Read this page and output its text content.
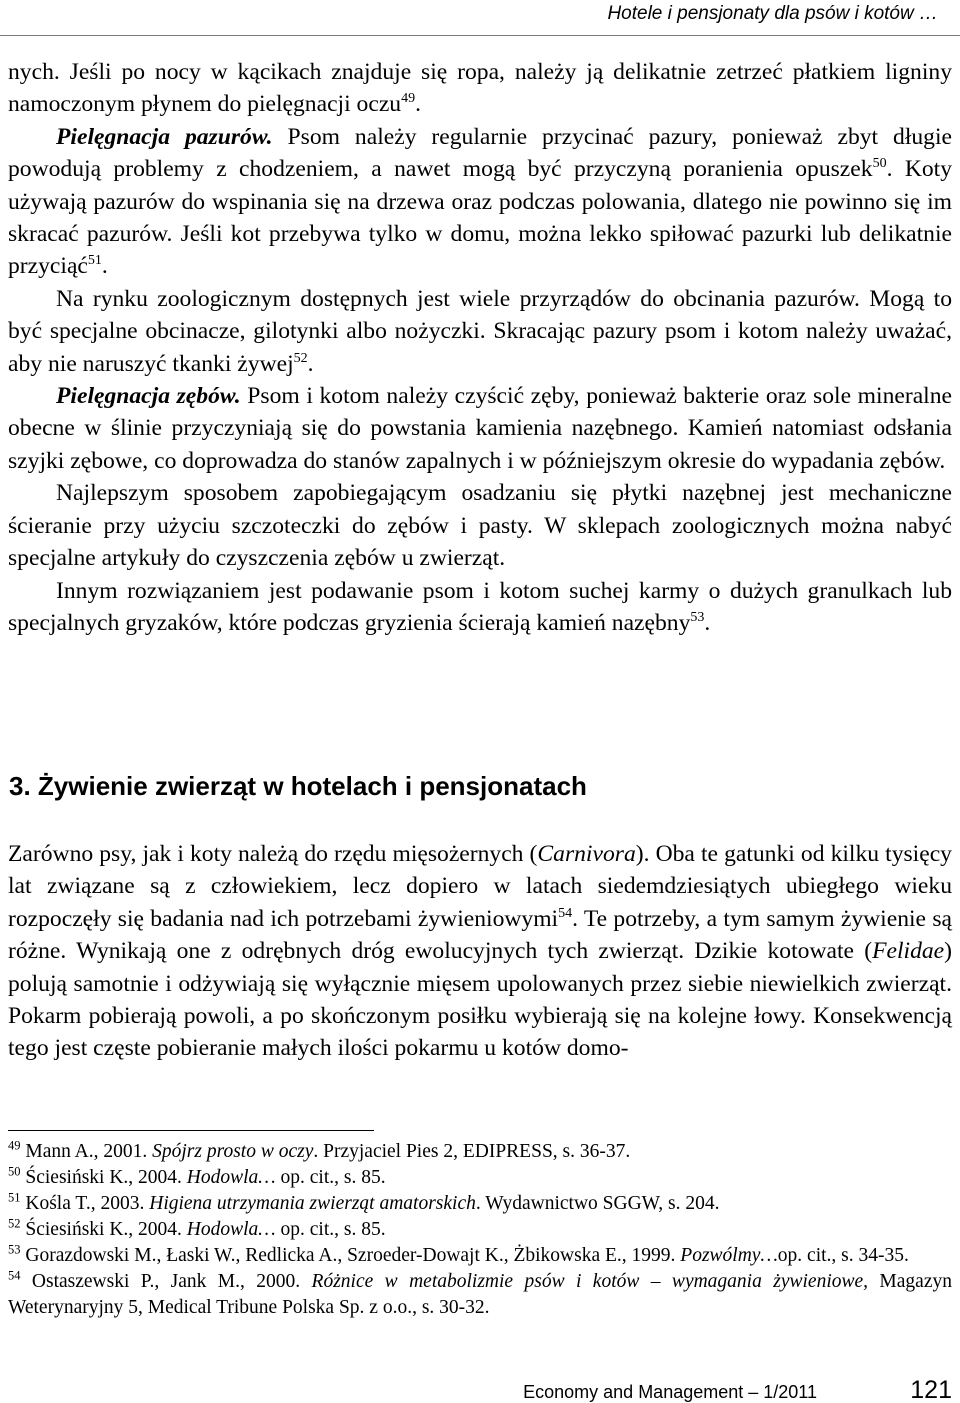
Hotele i pensjonaty dla psów i kotów …

nych. Jeśli po nocy w kącikach znajduje się ropa, należy ją delikatnie zetrzeć płatkiem ligniny namoczonym płynem do pielęgnacji oczu$^{49}$.

Pielęgnacja pazurów. Psom należy regularnie przycinać pazury, ponieważ zbyt długie powodują problemy z chodzeniem, a nawet mogą być przyczyną poranienia opuszek$^{50}$. Koty używają pazurów do wspinania się na drzewa oraz podczas polowania, dlatego nie powinno się im skracać pazurów. Jeśli kot przebywa tylko w domu, można lekko spiłować pazurki lub delikatnie przyciąć$^{51}$.

Na rynku zoologicznym dostępnych jest wiele przyrządów do obcinania pazurów. Mogą to być specjalne obcinacze, gilotynki albo nożyczki. Skracając pazury psom i kotom należy uważać, aby nie naruszyć tkanki żywej$^{52}$.

Pielęgnacja zębów. Psom i kotom należy czyścić zęby, ponieważ bakterie oraz sole mineralne obecne w ślinie przyczyniają się do powstania kamienia nazębnego. Kamień natomiast odsłania szyjki zębowe, co doprowadza do stanów zapalnych i w późniejszym okresie do wypadania zębów.

Najlepszym sposobem zapobiegającym osadzaniu się płytki nazębnej jest mechaniczne ścieranie przy użyciu szczoteczki do zębów i pasty. W sklepach zoologicznych można nabyć specjalne artykuły do czyszczenia zębów u zwierząt.

Innym rozwiązaniem jest podawanie psom i kotom suchej karmy o dużych granulkach lub specjalnych gryzaków, które podczas gryzienia ścierają kamień nazębny$^{53}$.

3. Żywienie zwierząt w hotelach i pensjonatach

Zarówno psy, jak i koty należą do rzędu mięsożernych (Carnivora). Oba te gatunki od kilku tysięcy lat związane są z człowiekiem, lecz dopiero w latach siedemdziesiątych ubiegłego wieku rozpoczęły się badania nad ich potrzebami żywieniowymi$^{54}$. Te potrzeby, a tym samym żywienie są różne. Wynikają one z odrębnych dróg ewolucyjnych tych zwierząt. Dzikie kotowate (Felidae) polują samotnie i odżywiają się wyłącznie mięsem upolowanych przez siebie niewielkich zwierząt. Pokarm pobierają powoli, a po skończonym posiłku wybierają się na kolejne łowy. Konsekwencją tego jest częste pobieranie małych ilości pokarmu u kotów domo-

$^{49}$ Mann A., 2001. Spójrz prosto w oczy. Przyjaciel Pies 2, EDIPRESS, s. 36-37.

$^{50}$ Ściesiński K., 2004. Hodowla… op. cit., s. 85.

$^{51}$ Kośla T., 2003. Higiena utrzymania zwierząt amatorskich. Wydawnictwo SGGW, s. 204.

$^{52}$ Ściesiński K., 2004. Hodowla… op. cit., s. 85.

$^{53}$ Gorazdowski M., Łaski W., Redlicka A., Szroeder-Dowajt K., Żbikowska E., 1999. Pozwólmy…op. cit., s. 34-35.

$^{54}$ Ostaszewski P., Jank M., 2000. Różnice w metabolizmie psów i kotów – wymagania żywieniowe, Magazyn Weterynaryjny 5, Medical Tribune Polska Sp. z o.o., s. 30-32.

Economy and Management – 1/2011	121
